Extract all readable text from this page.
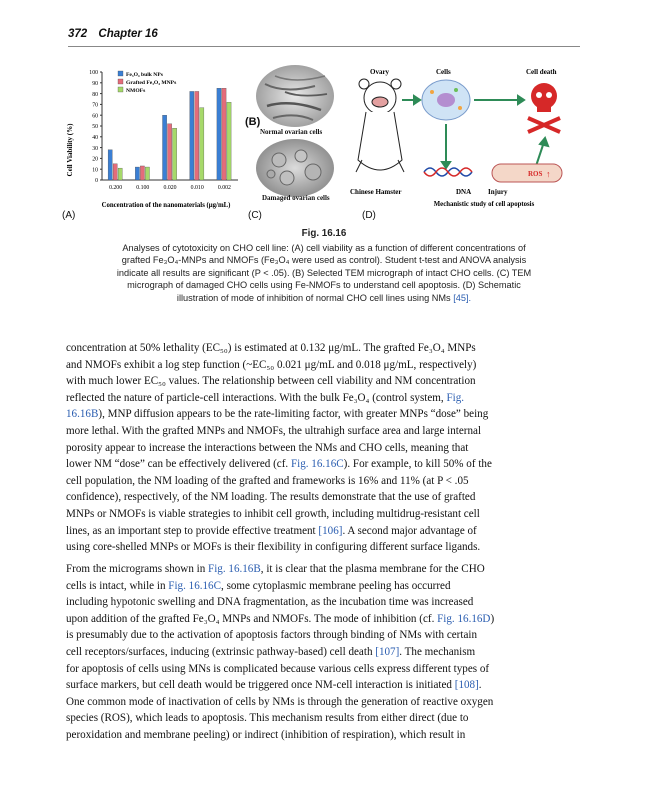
372 Chapter 16
0
10
20
30
40
50
60
70
80
90
100
0.200 0.100 0.020 0.010 0.002
Cell Viability (%)
Concentration of the nanomaterials (μg/mL)
Fe₃O₄ bulk NPs
Grafted Fe₃O₄ MNPs
NMOFs
(B)
Normal ovarian cells
Damaged ovarian cells
Ovary	Cells	Cell death
ROS ↑
Chinese Hamster	DNA Injury
Mechanistic study of cell apoptosis
(A)	(C)	(D)
Fig. 16.16
Analyses of cytotoxicity on CHO cell line: (A) cell viability as a function of different concentrations of
grafted Fe₃O₄-MNPs and NMOFs (Fe₃O₄ were used as control). Student t-test and ANOVA analysis
indicate all results are significant (P < .05). (B) Selected TEM micrograph of intact CHO cells. (C) TEM
micrograph of damaged CHO cells using Fe-NMOFs to understand cell apoptosis. (D) Schematic
illustration of mode of inhibition of normal CHO cell lines using NMs [45].
concentration at 50% lethality (EC₅₀) is estimated at 0.132 μg/mL. The grafted Fe₃O₄ MNPs
and NMOFs exhibit a log step function (~EC₅₀ 0.021 μg/mL and 0.018 μg/mL, respectively)
with much lower EC₅₀ values. The relationship between cell viability and NM concentration
reflected the nature of particle-cell interactions. With the bulk Fe₃O₄ (control system, Fig.
16.16B), MNP diffusion appears to be the rate-limiting factor, with greater MNPs “dose” being
more lethal. With the grafted MNPs and NMOFs, the ultrahigh surface area and large internal
porosity appear to increase the interactions between the NMs and CHO cells, meaning that
lower NM “dose” can be effectively delivered (cf. Fig. 16.16C). For example, to kill 50% of the
cell population, the NM loading of the grafted and frameworks is 16% and 11% (at P < .05
confidence), respectively, of the NM loading. The results demonstrate that the use of grafted
MNPs or NMOFs is viable strategies to inhibit cell growth, including multidrug-resistant cell
lines, as an important step to provide effective treatment [106]. A second major advantage of
using core-shelled MNPs or MOFs is their flexibility in configuring different surface ligands.
From the micrograms shown in Fig. 16.16B, it is clear that the plasma membrane for the CHO
cells is intact, while in Fig. 16.16C, some cytoplasmic membrane peeling has occurred
including hypotonic swelling and DNA fragmentation, as the incubation time was increased
upon addition of the grafted Fe₃O₄ MNPs and NMOFs. The mode of inhibition (cf. Fig. 16.16D)
is presumably due to the activation of apoptosis factors through binding of NMs with certain
cell receptors/surfaces, inducing (extrinsic pathway-based) cell death [107]. The mechanism
for apoptosis of cells using MNs is complicated because various cells express different types of
surface markers, but cell death would be triggered once NM-cell interaction is initiated [108].
One common mode of inactivation of cells by NMs is through the generation of reactive oxygen
species (ROS), which leads to apoptosis. This mechanism results from either direct (due to
peroxidation and membrane peeling) or indirect (inhibition of respiration), which result in
